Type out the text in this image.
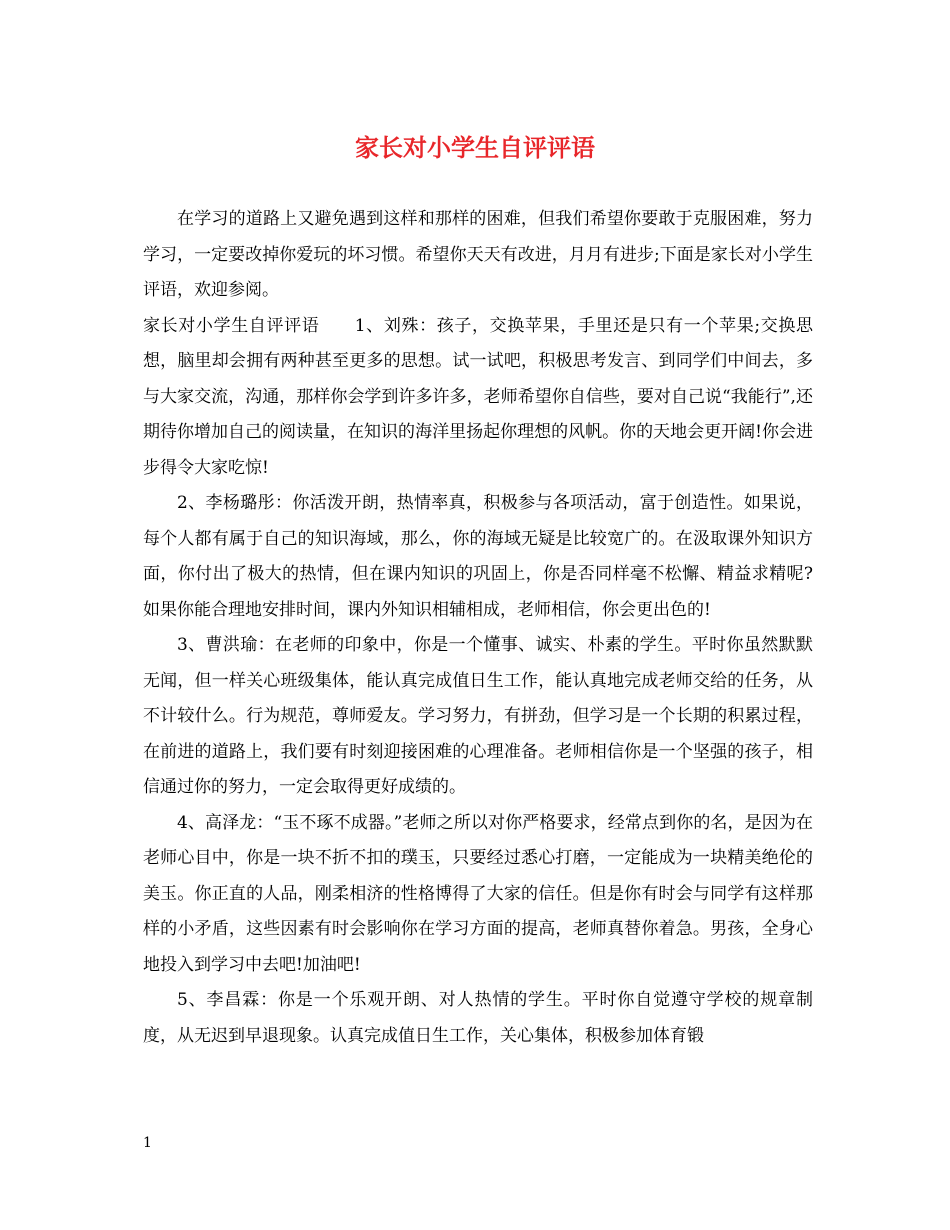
家长对小学生自评评语

在学习的道路上又避免遇到这样和那样的困难，但我们希望你要敢于克服困难，努力学习，一定要改掉你爱玩的坏习惯。希望你天天有改进，月月有进步;下面是家长对小学生评语，欢迎参阅。

家长对小学生自评评语　　1、刘殊：孩子，交换苹果，手里还是只有一个苹果;交换思想，脑里却会拥有两种甚至更多的思想。试一试吧，积极思考发言、到同学们中间去，多与大家交流，沟通，那样你会学到许多许多，老师希望你自信些，要对自己说“我能行”,还期待你增加自己的阅读量，在知识的海洋里扬起你理想的风帆。你的天地会更开阔!你会进步得令大家吃惊!

2、李杨璐彤：你活泼开朗，热情率真，积极参与各项活动，富于创造性。如果说，每个人都有属于自己的知识海域，那么，你的海域无疑是比较宽广的。在汲取课外知识方面，你付出了极大的热情，但在课内知识的巩固上，你是否同样毫不松懈、精益求精呢?如果你能合理地安排时间，课内外知识相辅相成，老师相信，你会更出色的!

3、曹洪瑜：在老师的印象中，你是一个懂事、诚实、朴素的学生。平时你虽然默默无闻，但一样关心班级集体，能认真完成值日生工作，能认真地完成老师交给的任务，从不计较什么。行为规范，尊师爱友。学习努力，有拼劲，但学习是一个长期的积累过程，在前进的道路上，我们要有时刻迎接困难的心理准备。老师相信你是一个坚强的孩子，相信通过你的努力，一定会取得更好成绩的。

4、高泽龙：“玉不琢不成器。”老师之所以对你严格要求，经常点到你的名，是因为在老师心目中，你是一块不折不扣的璞玉，只要经过悉心打磨，一定能成为一块精美绝伦的美玉。你正直的人品，刚柔相济的性格博得了大家的信任。但是你有时会与同学有这样那样的小矛盾，这些因素有时会影响你在学习方面的提高，老师真替你着急。男孩，全身心地投入到学习中去吧!加油吧!

5、李昌霖：你是一个乐观开朗、对人热情的学生。平时你自觉遵守学校的规章制度，从无迟到早退现象。认真完成值日生工作，关心集体，积极参加体育锻

1
